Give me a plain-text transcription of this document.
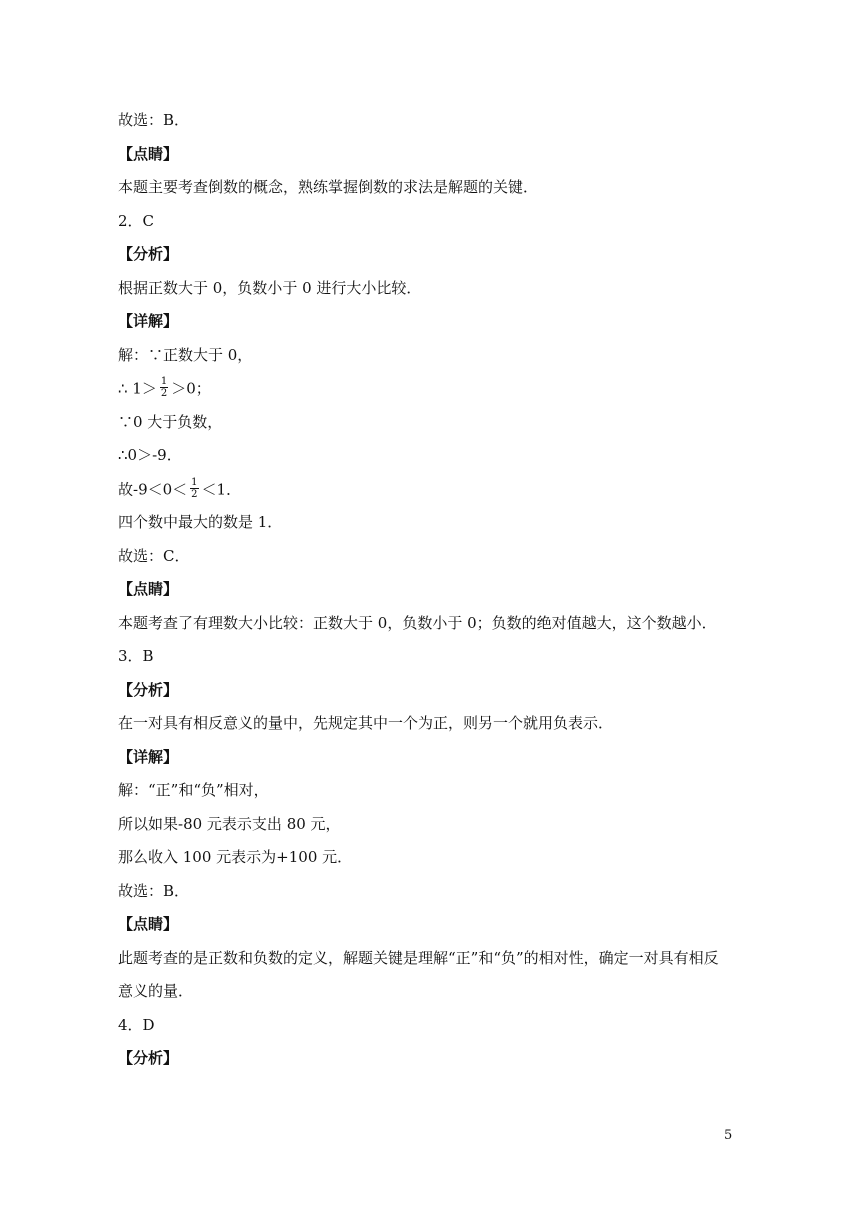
故选：B．
【点睛】
本题主要考查倒数的概念，熟练掌握倒数的求法是解题的关键．
2．C
【分析】
根据正数大于 0，负数小于 0 进行大小比较．
【详解】
解：∵正数大于 0，
∴ $1> \frac{1}{2} >0$；
∵0 大于负数，
∴0＞-9．
故$-9<0< \frac{1}{2} <1$．
四个数中最大的数是 1．
故选：C．
【点睛】
本题考查了有理数大小比较：正数大于 0，负数小于 0；负数的绝对值越大，这个数越小．
3．B
【分析】
在一对具有相反意义的量中，先规定其中一个为正，则另一个就用负表示．
【详解】
解：“正”和“负”相对，
所以如果-80 元表示支出 80 元，
那么收入 100 元表示为+100 元．
故选：B．
【点睛】
此题考查的是正数和负数的定义，解题关键是理解“正”和“负”的相对性，确定一对具有相反
意义的量．
4．D
【分析】
5
